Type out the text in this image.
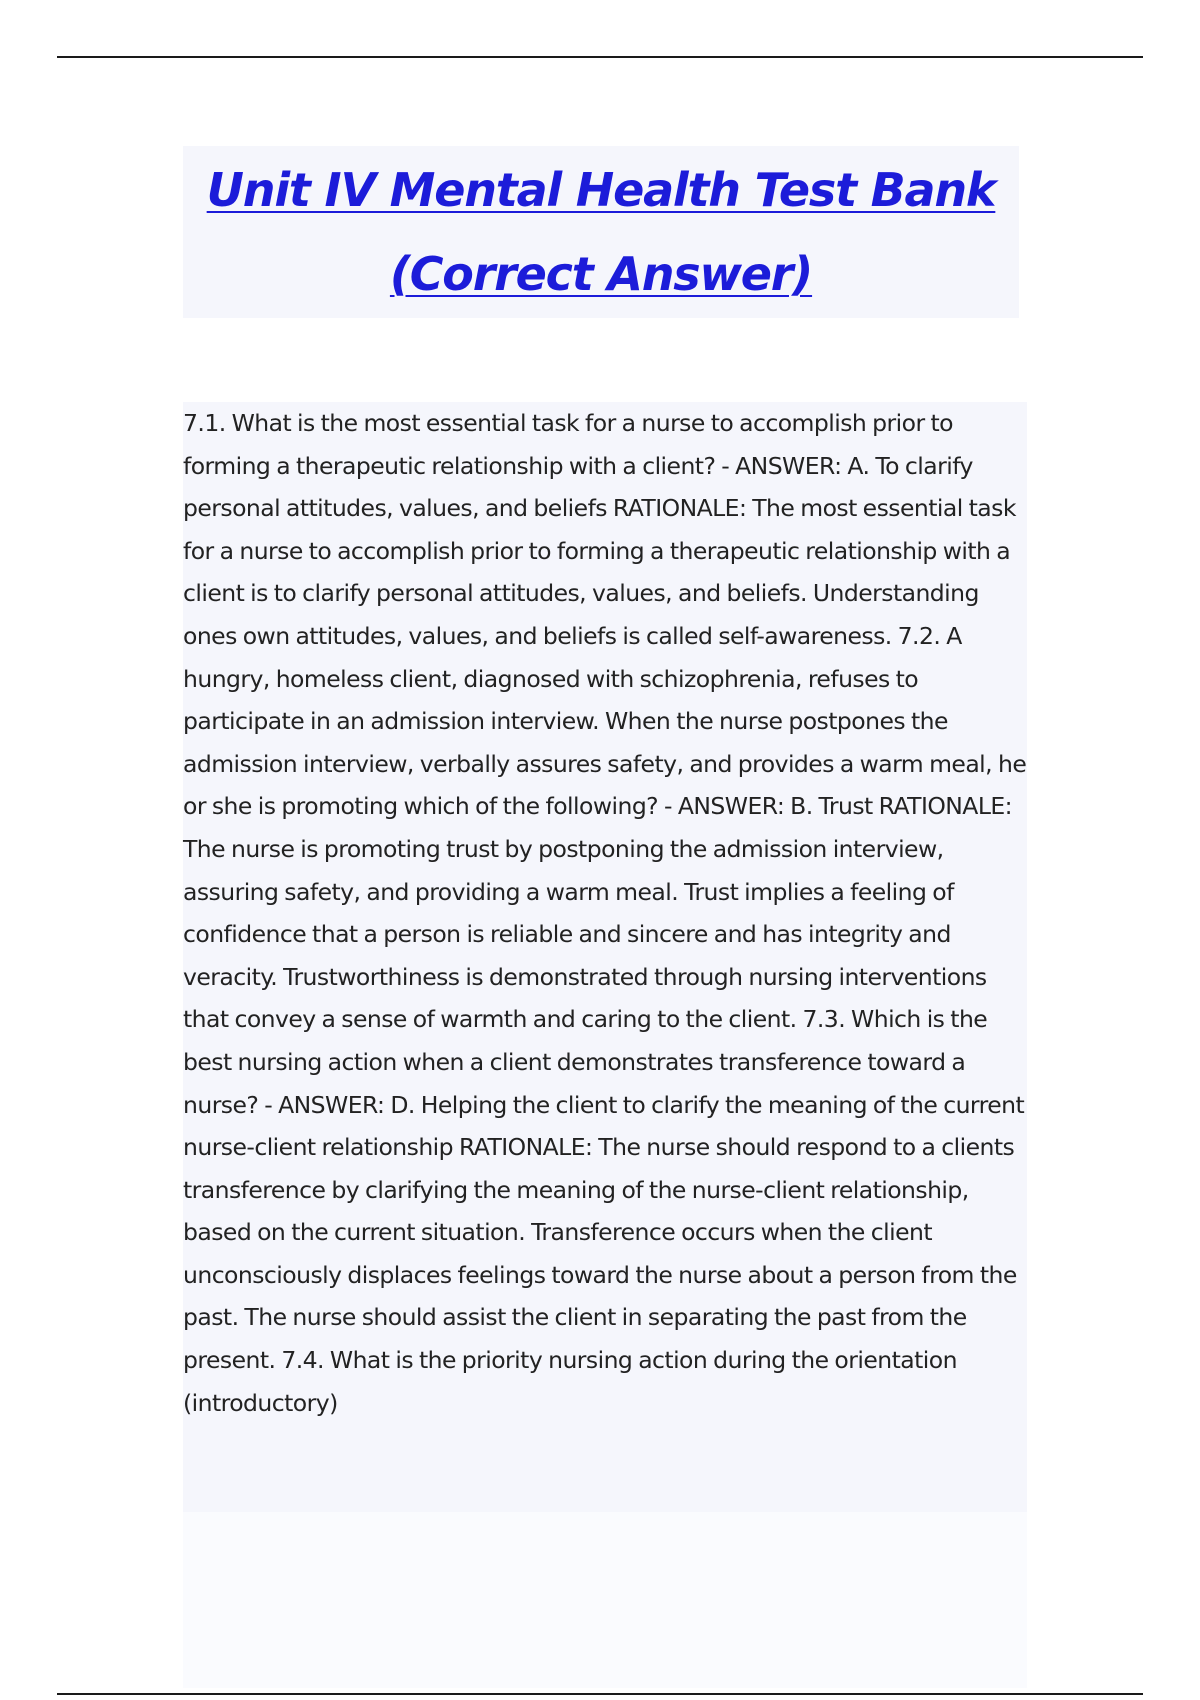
Unit IV Mental Health Test Bank
(Correct Answer)

7.1. What is the most essential task for a nurse to accomplish prior to forming a therapeutic relationship with a client? - ANSWER: A. To clarify personal attitudes, values, and beliefs RATIONALE: The most essential task for a nurse to accomplish prior to forming a therapeutic relationship with a client is to clarify personal attitudes, values, and beliefs. Understanding ones own attitudes, values, and beliefs is called self-awareness. 7.2. A hungry, homeless client, diagnosed with schizophrenia, refuses to participate in an admission interview. When the nurse postpones the admission interview, verbally assures safety, and provides a warm meal, he or she is promoting which of the following? - ANSWER: B. Trust RATIONALE: The nurse is promoting trust by postponing the admission interview, assuring safety, and providing a warm meal. Trust implies a feeling of confidence that a person is reliable and sincere and has integrity and veracity. Trustworthiness is demonstrated through nursing interventions that convey a sense of warmth and caring to the client. 7.3. Which is the best nursing action when a client demonstrates transference toward a nurse? - ANSWER: D. Helping the client to clarify the meaning of the current nurse-client relationship RATIONALE: The nurse should respond to a clients transference by clarifying the meaning of the nurse-client relationship, based on the current situation. Transference occurs when the client unconsciously displaces feelings toward the nurse about a person from the past. The nurse should assist the client in separating the past from the present. 7.4. What is the priority nursing action during the orientation (introductory)
